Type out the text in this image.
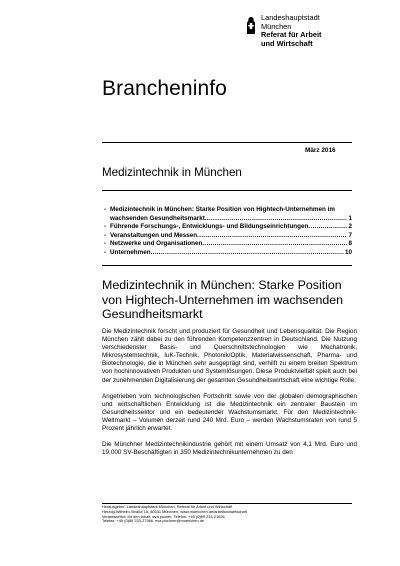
Landeshauptstadt
München
Referat für Arbeit
und Wirtschaft
Brancheninfo
März 2016
Medizintechnik in München
- Medizintechnik in München: Starke Position von Hightech-Unternehmen im
wachsenden Gesundheitsmarkt .....	1
- Führende Forschungs-, Entwicklungs- und Bildungseinrichtungen .....	2
- Veranstaltungen und Messen .....	7
- Netzwerke und Organisationen .....	8
- Unternehmen .....	10
Medizintechnik in München: Starke Position von Hightech-Unternehmen im wachsenden Gesundheitsmarkt

Die Medizintechnik forscht und produziert für Gesundheit und Lebensqualität. Die Region München zählt dabei zu den führenden Kompetenzzentren in Deutschland. Die Nutzung verschiedenster Basis- und Querschnittstechnologien wie Mechatronik, Mikrosystemtechnik, IuK-Technik, Photonik/Optik, Materialwissenschaft, Pharma- und Biotechnologie, die in München sehr ausgeprägt sind, verhilft zu einem breiten Spektrum von hochinnovativen Produkten und Systemlösungen. Diese Produktvielfalt spielt auch bei der zunehmenden Digitalisierung der gesamten Gesundheitswirtschaft eine wichtige Rolle.

Angetrieben vom technologischen Fortschritt sowie von der globalen demographischen und wirtschaftlichen Entwicklung ist die Medizintechnik ein zentraler Baustein im Gesundheitssektor und ein bedeutender Wachstumsmarkt. Für den Medizintechnik-Weltmarkt – Volumen derzeit rund 240 Mrd. Euro – werden Wachstumsraten von rund 5 Prozent jährlich erwartet.

Die Münchner Medizintechnikindustrie gehört mit einem Umsatz von 4,1 Mrd. Euro und 19.000 SV-Beschäftigten in 350 Medizintechnikunternehmen zu den

Herausgeber: Landeshauptstadt München, Referat für Arbeit und Wirtschaft
Herzog-Wilhelm-Straße 15, 80331 München, www.muenchen.de/arbeitundwirtschaft
Verantwortlich für den Inhalt: eva.pucher, Telefon: +49 (0)89 233-21626
Telefax: +49 (0)89 233-27966, eva.puchner@muenchen.de
